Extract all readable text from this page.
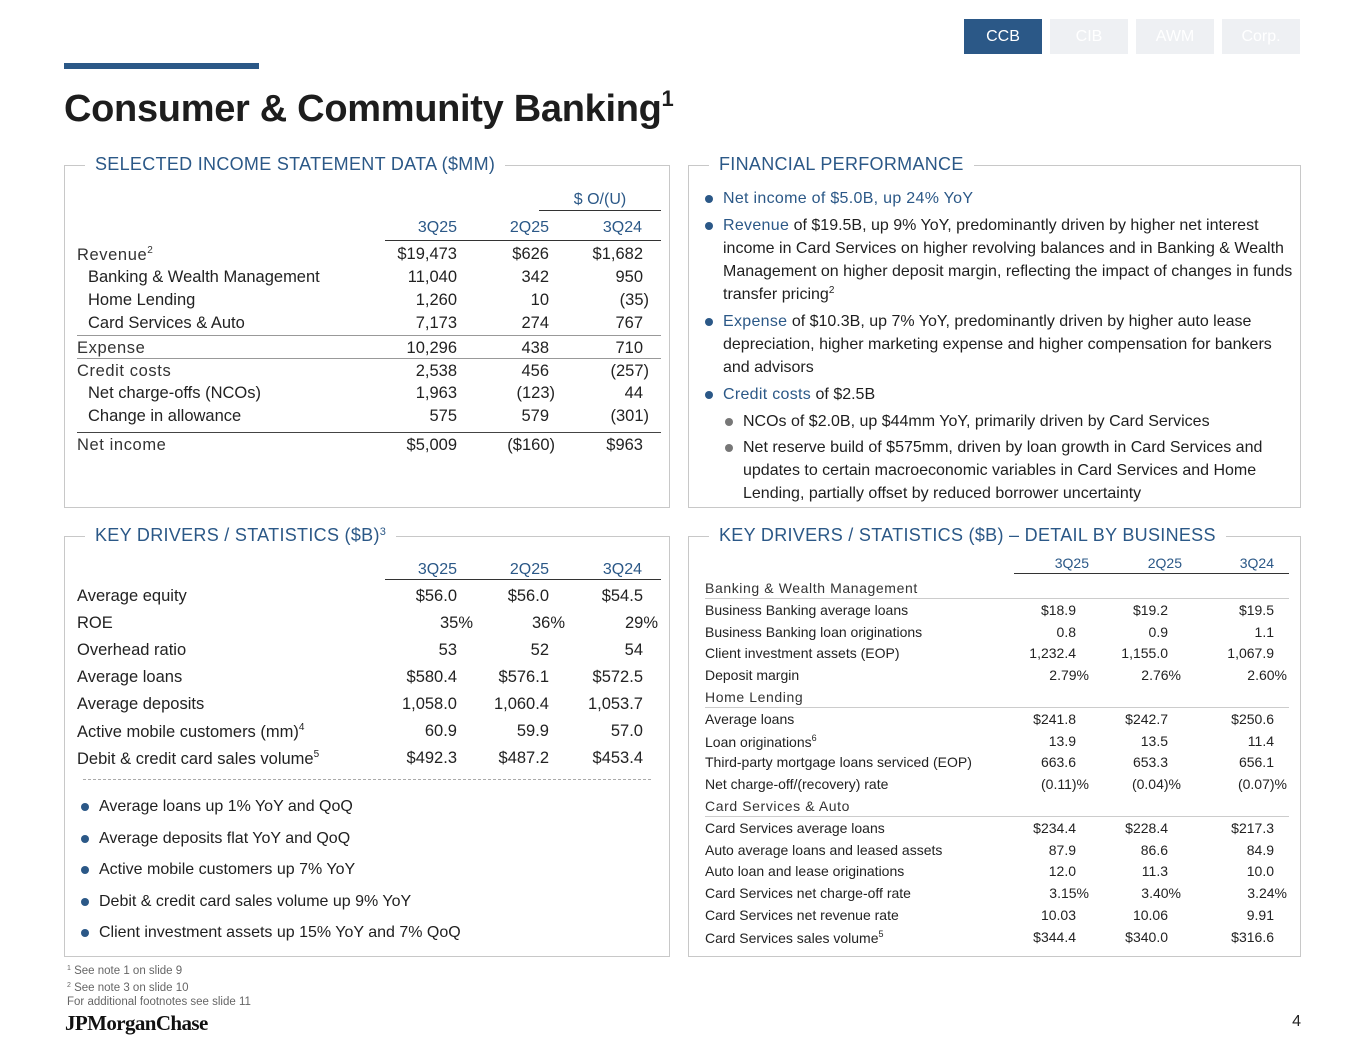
CCB	CIB	AWM	Corp.
Consumer & Community Banking$^1$
SELECTED INCOME STATEMENT DATA ($MM)
$ O/(U)
3Q25	2Q25	3Q24
Revenue$^2$	$19,473	$626	$1,682
Banking & Wealth Management	11,040	342	950
Home Lending	1,260	10	(35)
Card Services & Auto	7,173	274	767
Expense	10,296	438	710
Credit costs	2,538	456	(257)
Net charge-offs (NCOs)	1,963	(123)	44
Change in allowance	575	579	(301)
Net income	$5,009	($160)	$963
FINANCIAL PERFORMANCE
Net income of $5.0B, up 24% YoY
Revenue of $19.5B, up 9% YoY, predominantly driven by higher net interest income in Card Services on higher revolving balances and in Banking & Wealth Management on higher deposit margin, reflecting the impact of changes in funds transfer pricing$^2$
Expense of $10.3B, up 7% YoY, predominantly driven by higher auto lease depreciation, higher marketing expense and higher compensation for bankers and advisors
Credit costs of $2.5B
NCOs of $2.0B, up $44mm YoY, primarily driven by Card Services
Net reserve build of $575mm, driven by loan growth in Card Services and updates to certain macroeconomic variables in Card Services and Home Lending, partially offset by reduced borrower uncertainty
KEY DRIVERS / STATISTICS ($B)$^3$
3Q25	2Q25	3Q24
Average equity	$56.0	$56.0	$54.5
ROE	35%	36%	29%
Overhead ratio	53	52	54
Average loans	$580.4	$576.1	$572.5
Average deposits	1,058.0 1,060.4 1,053.7
Active mobile customers (mm)$^4$	60.9	59.9	57.0
Debit & credit card sales volume$^5$	$492.3	$487.2	$453.4
Average loans up 1% YoY and QoQ
Average deposits flat YoY and QoQ
Active mobile customers up 7% YoY
Debit & credit card sales volume up 9% YoY
Client investment assets up 15% YoY and 7% QoQ
KEY DRIVERS / STATISTICS ($B) – DETAIL BY BUSINESS
3Q25	2Q25	3Q24
Banking & Wealth Management
Business Banking average loans	$18.9	$19.2	$19.5
Business Banking loan originations	0.8	0.9	1.1
Client investment assets (EOP)	1,232.4	1,155.0	1,067.9
Deposit margin	2.79%	2.76%	2.60%
Home Lending
Average loans	$241.8	$242.7	$250.6
Loan originations$^6$	13.9	13.5	11.4
Third-party mortgage loans serviced (EOP)	663.6	653.3	656.1
Net charge-off/(recovery) rate	(0.11)%	(0.04)%	(0.07)%
Card Services & Auto
Card Services average loans	$234.4	$228.4	$217.3
Auto average loans and leased assets	87.9	86.6	84.9
Auto loan and lease originations	12.0	11.3	10.0
Card Services net charge-off rate	3.15%	3.40%	3.24%
Card Services net revenue rate	10.03	10.06	9.91
Card Services sales volume$^5$	$344.4	$340.0	$316.6
$^1$ See note 1 on slide 9
$^2$ See note 3 on slide 10
For additional footnotes see slide 11
JPMorganChase	4
